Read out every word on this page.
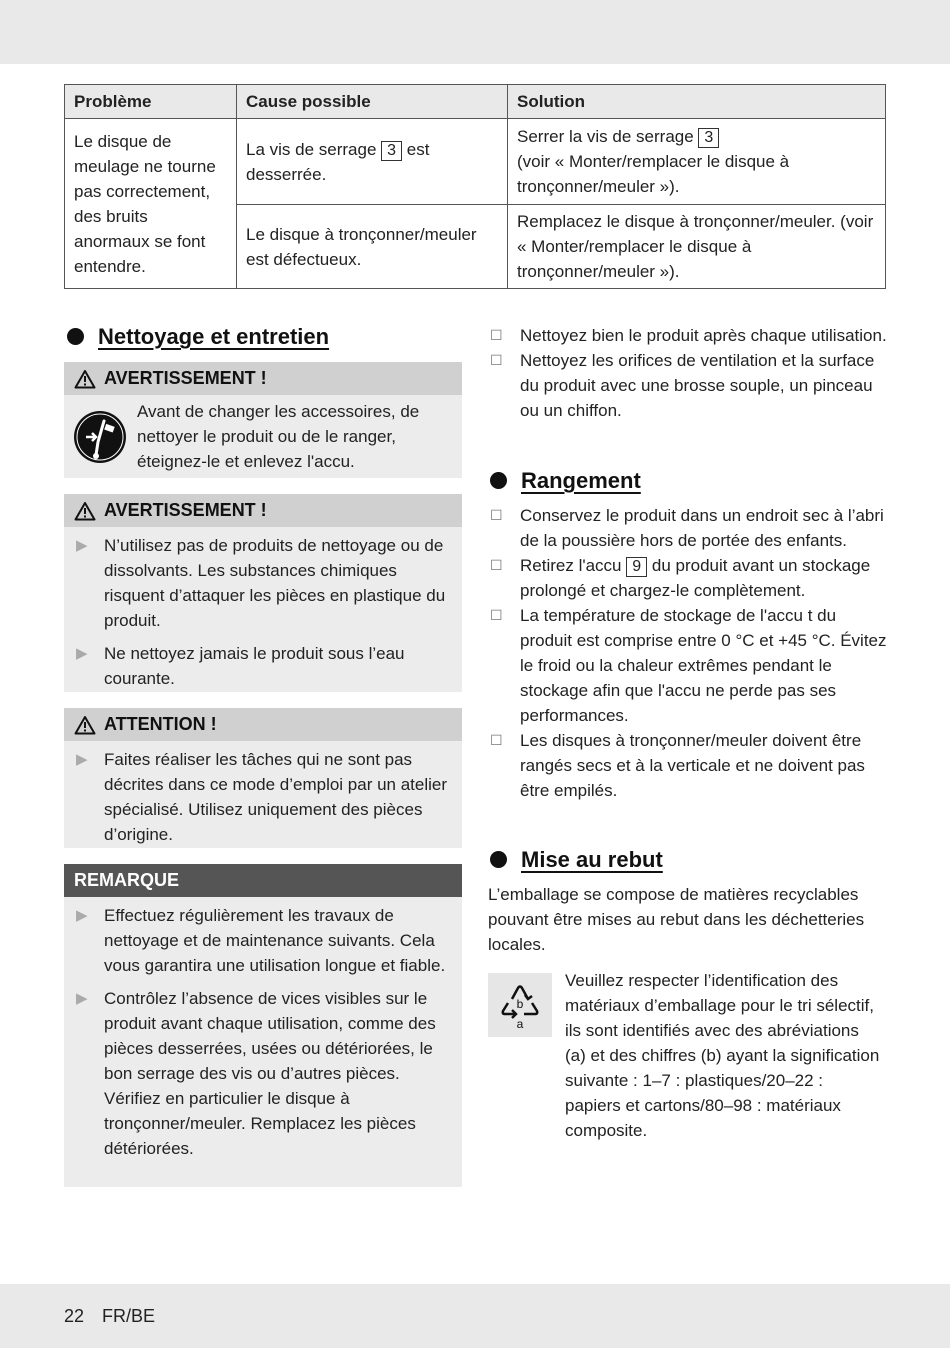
Problème	Cause possible	Solution
Le disque de meulage ne tourne pas correctement, des bruits anormaux se font entendre.	La vis de serrage 3 est desserrée.	Serrer la vis de serrage 3
(voir « Monter/remplacer le disque à tronçonner/meuler »).
	Le disque à tronçonner/meuler est défectueux.	Remplacez le disque à tronçonner/meuler. (voir « Monter/remplacer le disque à tronçonner/meuler »).
Nettoyage et entretien
AVERTISSEMENT !
Avant de changer les accessoires, de nettoyer le produit ou de le ranger, éteignez-le et enlevez l'accu.
AVERTISSEMENT !
▶ N’utilisez pas de produits de nettoyage ou de dissolvants. Les substances chimiques risquent d’attaquer les pièces en plastique du produit.
▶ Ne nettoyez jamais le produit sous l’eau courante.
ATTENTION !
▶ Faites réaliser les tâches qui ne sont pas décrites dans ce mode d’emploi par un atelier spécialisé. Utilisez uniquement des pièces d’origine.
REMARQUE
▶ Effectuez régulièrement les travaux de nettoyage et de maintenance suivants. Cela vous garantira une utilisation longue et fiable.
▶ Contrôlez l’absence de vices visibles sur le produit avant chaque utilisation, comme des pièces desserrées, usées ou détériorées, le bon serrage des vis ou d’autres pièces. Vérifiez en particulier le disque à tronçonner/meuler. Remplacez les pièces détériorées.
☐	Nettoyez bien le produit après chaque utilisation.
☐	Nettoyez les orifices de ventilation et la surface du produit avec une brosse souple, un pinceau ou un chiffon.
Rangement
☐	Conservez le produit dans un endroit sec à l’abri de la poussière hors de portée des enfants.
☐	Retirez l'accu 9 du produit avant un stockage prolongé et chargez-le complètement.
☐	La température de stockage de l'accu t du produit est comprise entre 0 °C et +45 °C. Évitez le froid ou la chaleur extrêmes pendant le stockage afin que l'accu ne perde pas ses performances.
☐	Les disques à tronçonner/meuler doivent être rangés secs et à la verticale et ne doivent pas être empilés.
Mise au rebut
L’emballage se compose de matières recyclables pouvant être mises au rebut dans les déchetteries locales.
b
a
Veuillez respecter l’identification des matériaux d’emballage pour le tri sélectif, ils sont identifiés avec des abréviations (a) et des chiffres (b) ayant la signification suivante : 1–7 : plastiques/20–22 : papiers et cartons/80–98 : matériaux composite.
22 FR/BE
